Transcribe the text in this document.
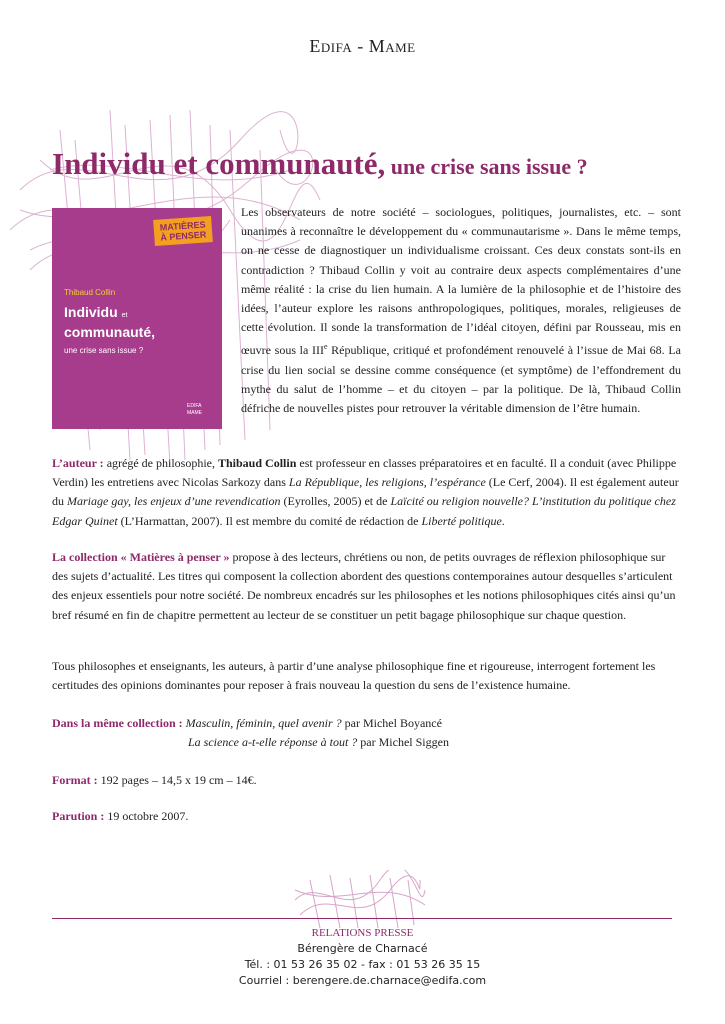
Edifa - Mame
Individu et communauté, une crise sans issue ?
MATIÈRES
À PENSER
Thibaud Collin
Individu et
communauté,
une crise sans issue ?
EDIFA
MAME
Les observateurs de notre société – sociologues, politiques, journalistes, etc. – sont unanimes à reconnaître le développement du « communautarisme ». Dans le même temps, on ne cesse de diagnostiquer un individualisme croissant. Ces deux constats sont-ils en contradiction ? Thibaud Collin y voit au contraire deux aspects complémentaires d’une même réalité : la crise du lien humain. A la lumière de la philosophie et de l’histoire des idées, l’auteur explore les raisons anthropologiques, politiques, morales, religieuses de cette évolution. Il sonde la transformation de l’idéal citoyen, défini par Rousseau, mis en œuvre sous la IIIe République, critiqué et profondément renouvelé à l’issue de Mai 68. La crise du lien social se dessine comme conséquence (et symptôme) de l’effondrement du mythe du salut de l’homme – et du citoyen – par la politique. De là, Thibaud Collin défriche de nouvelles pistes pour retrouver la véritable dimension de l’être humain.
L’auteur : agrégé de philosophie, Thibaud Collin est professeur en classes préparatoires et en faculté. Il a conduit (avec Philippe Verdin) les entretiens avec Nicolas Sarkozy dans La République, les religions, l’espérance (Le Cerf, 2004). Il est également auteur du Mariage gay, les enjeux d’une revendication (Eyrolles, 2005) et de Laïcité ou religion nouvelle? L’institution du politique chez Edgar Quinet (L’Harmattan, 2007). Il est membre du comité de rédaction de Liberté politique.
La collection « Matières à penser » propose à des lecteurs, chrétiens ou non, de petits ouvrages de réflexion philosophique sur des sujets d’actualité. Les titres qui composent la collection abordent des questions contemporaines autour desquelles s’articulent des enjeux essentiels pour notre société. De nombreux encadrés sur les philosophes et les notions philosophiques cités ainsi qu’un bref résumé en fin de chapitre permettent au lecteur de se constituer un petit bagage philosophique sur chaque question.
Tous philosophes et enseignants, les auteurs, à partir d’une analyse philosophique fine et rigoureuse, interrogent fortement les certitudes des opinions dominantes pour reposer à frais nouveau la question du sens de l’existence humaine.
Dans la même collection : Masculin, féminin, quel avenir ? par Michel Boyancé
La science a-t-elle réponse à tout ? par Michel Siggen
Format : 192 pages – 14,5 x 19 cm – 14€.
Parution : 19 octobre 2007.
RELATIONS PRESSE
Bérengère de Charnacé
Tél. : 01 53 26 35 02 - fax : 01 53 26 35 15
Courriel : berengere.de.charnace@edifa.com
